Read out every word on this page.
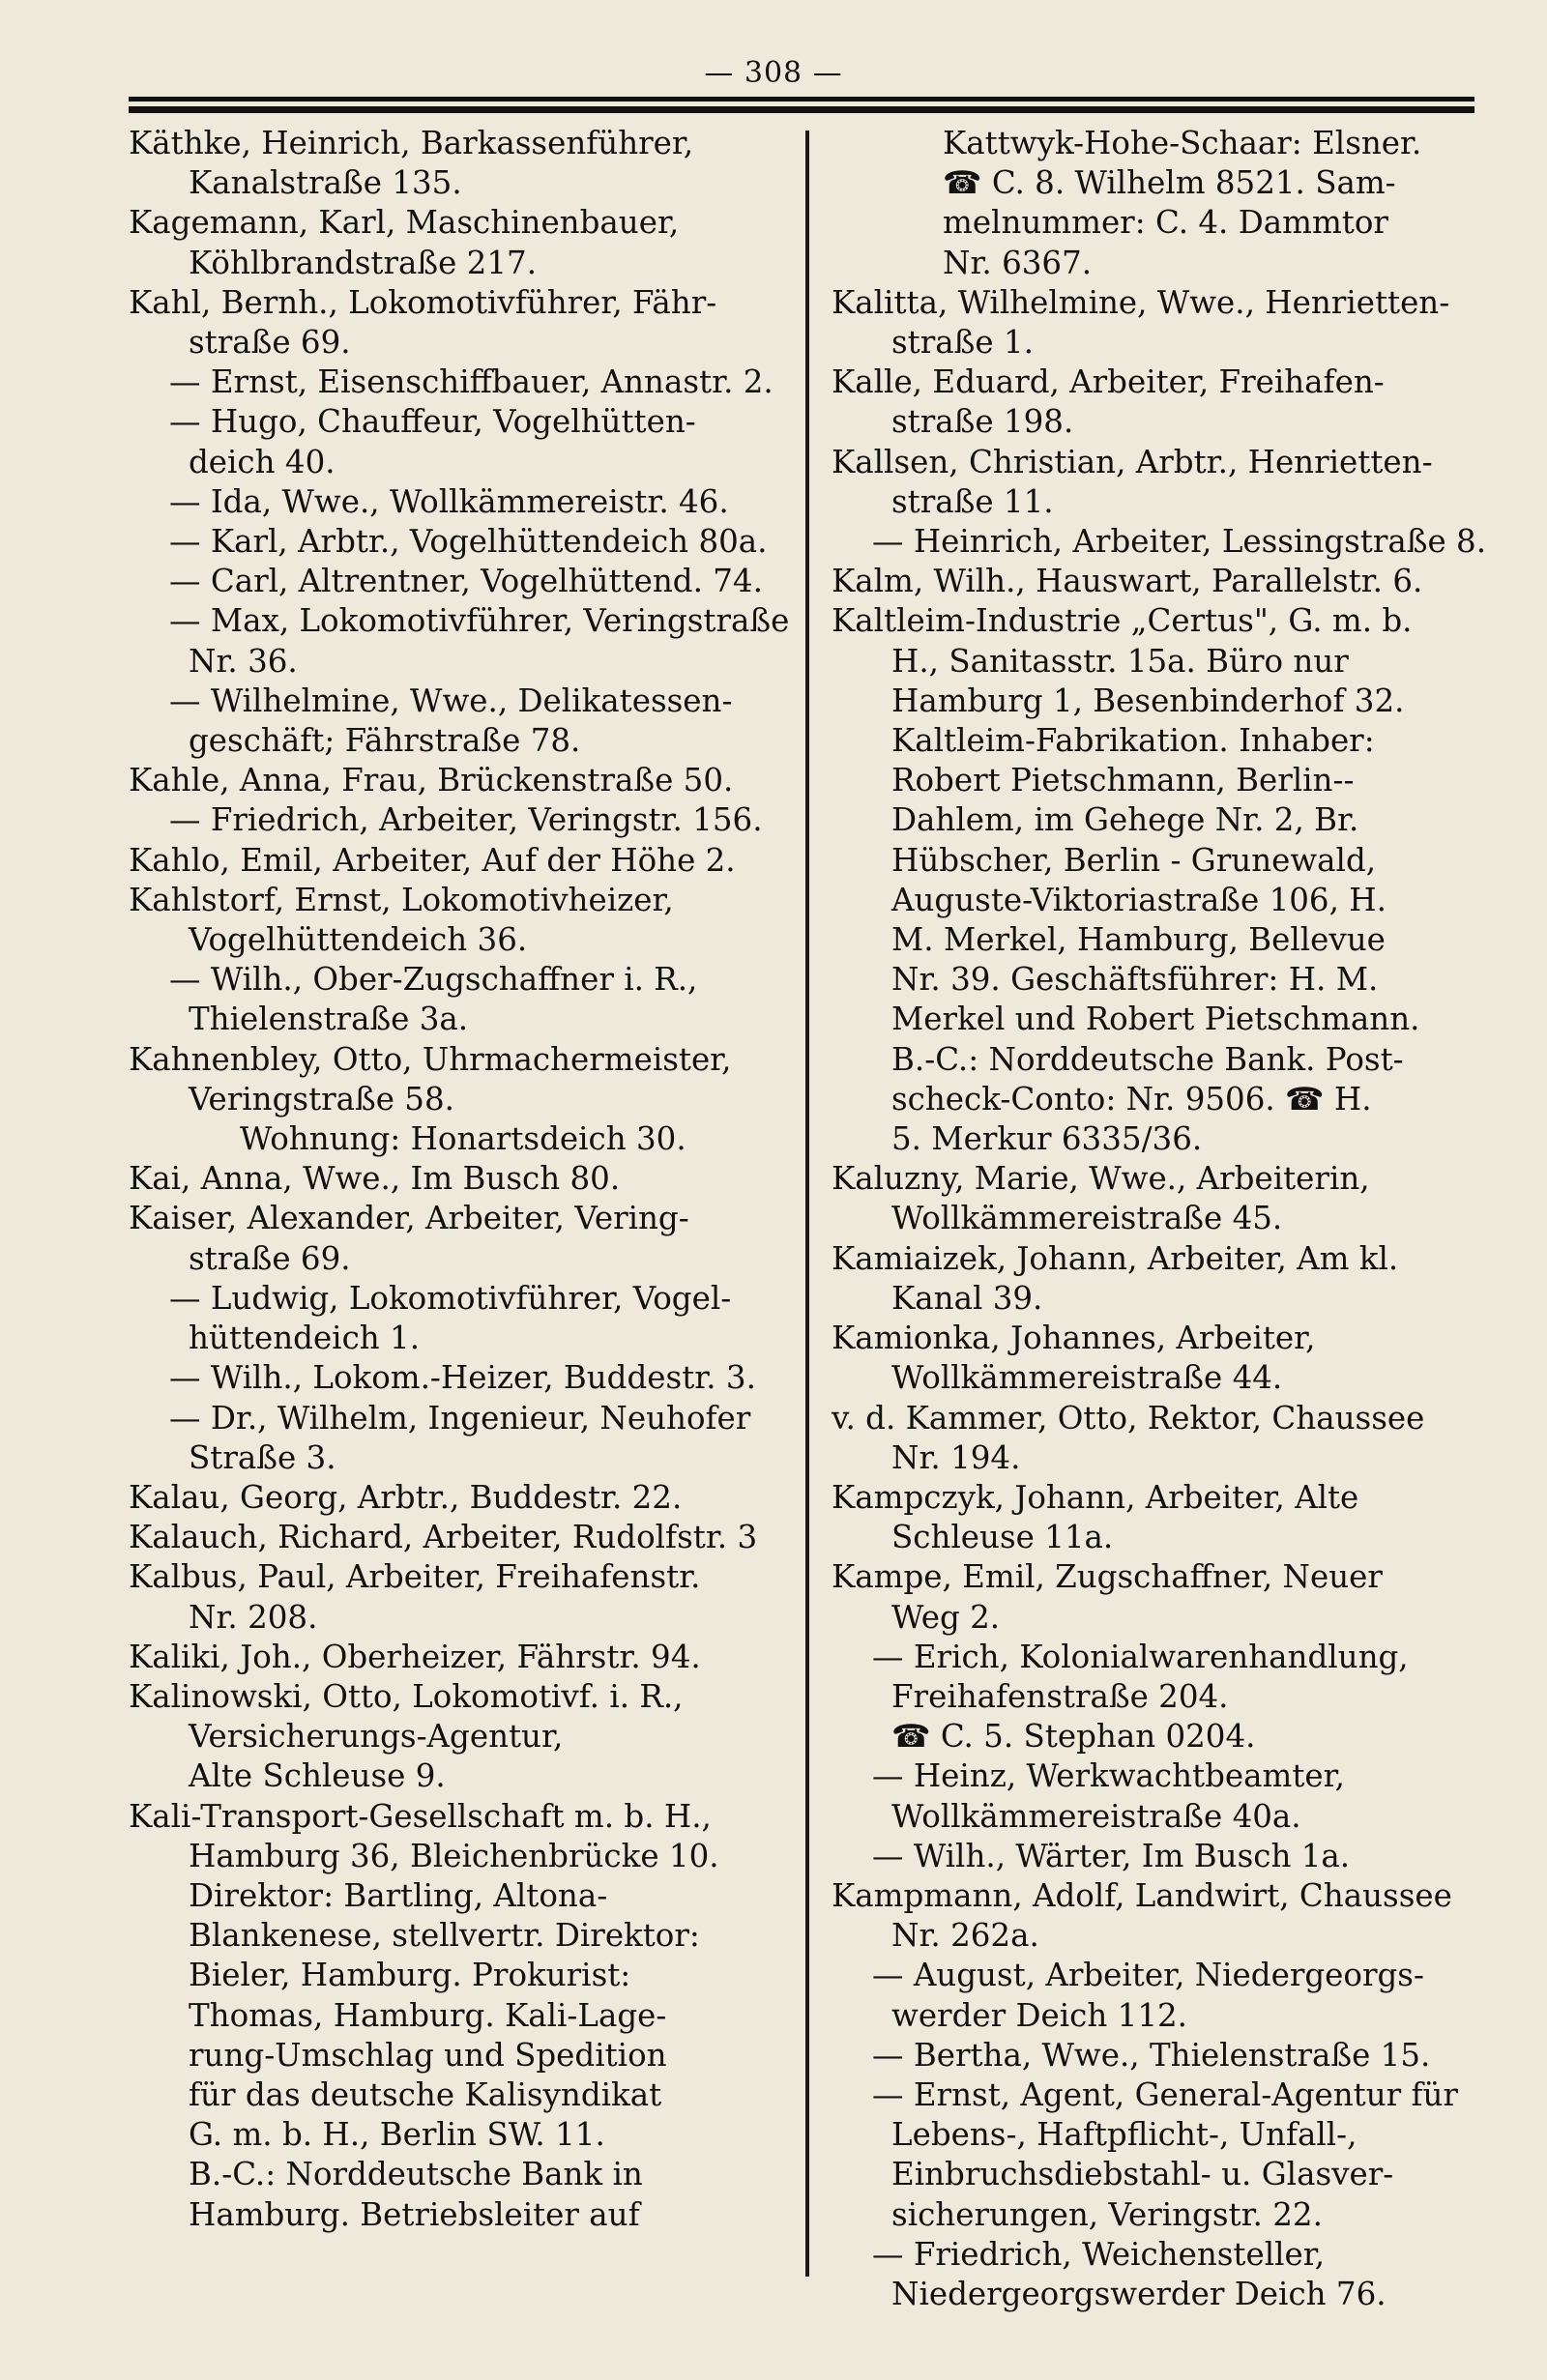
— 308 —
Käthke, Heinrich, Barkassenführer,
Kanalstraße 135.
Kagemann, Karl, Maschinenbauer,
Köhlbrandstraße 217.
Kahl, Bernh., Lokomotivführer, Fähr-
straße 69.
— Ernst, Eisenschiffbauer, Annastr. 2.
— Hugo, Chauffeur, Vogelhütten-
deich 40.
— Ida, Wwe., Wollkämmereistr. 46.
— Karl, Arbtr., Vogelhüttendeich 80a.
— Carl, Altrentner, Vogelhüttend. 74.
— Max, Lokomotivführer, Veringstraße
Nr. 36.
— Wilhelmine, Wwe., Delikatessen-
geschäft; Fährstraße 78.
Kahle, Anna, Frau, Brückenstraße 50.
— Friedrich, Arbeiter, Veringstr. 156.
Kahlo, Emil, Arbeiter, Auf der Höhe 2.
Kahlstorf, Ernst, Lokomotivheizer,
Vogelhüttendeich 36.
— Wilh., Ober-Zugschaffner i. R.,
Thielenstraße 3a.
Kahnenbley, Otto, Uhrmachermeister,
Veringstraße 58.
Wohnung: Honartsdeich 30.
Kai, Anna, Wwe., Im Busch 80.
Kaiser, Alexander, Arbeiter, Vering-
straße 69.
— Ludwig, Lokomotivführer, Vogel-
hüttendeich 1.
— Wilh., Lokom.-Heizer, Buddestr. 3.
— Dr., Wilhelm, Ingenieur, Neuhofer
Straße 3.
Kalau, Georg, Arbtr., Buddestr. 22.
Kalauch, Richard, Arbeiter, Rudolfstr. 3
Kalbus, Paul, Arbeiter, Freihafenstr.
Nr. 208.
Kaliki, Joh., Oberheizer, Fährstr. 94.
Kalinowski, Otto, Lokomotivf. i. R.,
Versicherungs-Agentur,
Alte Schleuse 9.
Kali-Transport-Gesellschaft m. b. H.,
Hamburg 36, Bleichenbrücke 10.
Direktor: Bartling, Altona-
Blankenese, stellvertr. Direktor:
Bieler, Hamburg. Prokurist:
Thomas, Hamburg. Kali-Lage-
rung-Umschlag und Spedition
für das deutsche Kalisyndikat
G. m. b. H., Berlin SW. 11.
B.-C.: Norddeutsche Bank in
Hamburg. Betriebsleiter auf
Kattwyk-Hohe-Schaar: Elsner.
☎ C. 8. Wilhelm 8521. Sam-
melnummer: C. 4. Dammtor
Nr. 6367.
Kalitta, Wilhelmine, Wwe., Henrietten-
straße 1.
Kalle, Eduard, Arbeiter, Freihafen-
straße 198.
Kallsen, Christian, Arbtr., Henrietten-
straße 11.
— Heinrich, Arbeiter, Lessingstraße 8.
Kalm, Wilh., Hauswart, Parallelstr. 6.
Kaltleim-Industrie „Certus", G. m. b.
H., Sanitasstr. 15a. Büro nur
Hamburg 1, Besenbinderhof 32.
Kaltleim-Fabrikation. Inhaber:
Robert Pietschmann, Berlin--
Dahlem, im Gehege Nr. 2, Br.
Hübscher, Berlin - Grunewald,
Auguste-Viktoriastraße 106, H.
M. Merkel, Hamburg, Bellevue
Nr. 39. Geschäftsführer: H. M.
Merkel und Robert Pietschmann.
B.-C.: Norddeutsche Bank. Post-
scheck-Conto: Nr. 9506. ☎ H.
5. Merkur 6335/36.
Kaluzny, Marie, Wwe., Arbeiterin,
Wollkämmereistraße 45.
Kamiaizek, Johann, Arbeiter, Am kl.
Kanal 39.
Kamionka, Johannes, Arbeiter,
Wollkämmereistraße 44.
v. d. Kammer, Otto, Rektor, Chaussee
Nr. 194.
Kampczyk, Johann, Arbeiter, Alte
Schleuse 11a.
Kampe, Emil, Zugschaffner, Neuer
Weg 2.
— Erich, Kolonialwarenhandlung,
Freihafenstraße 204.
☎ C. 5. Stephan 0204.
— Heinz, Werkwachtbeamter,
Wollkämmereistraße 40a.
— Wilh., Wärter, Im Busch 1a.
Kampmann, Adolf, Landwirt, Chaussee
Nr. 262a.
— August, Arbeiter, Niedergeorgs-
werder Deich 112.
— Bertha, Wwe., Thielenstraße 15.
— Ernst, Agent, General-Agentur für
Lebens-, Haftpflicht-, Unfall-,
Einbruchsdiebstahl- u. Glasver-
sicherungen, Veringstr. 22.
— Friedrich, Weichensteller,
Niedergeorgswerder Deich 76.
